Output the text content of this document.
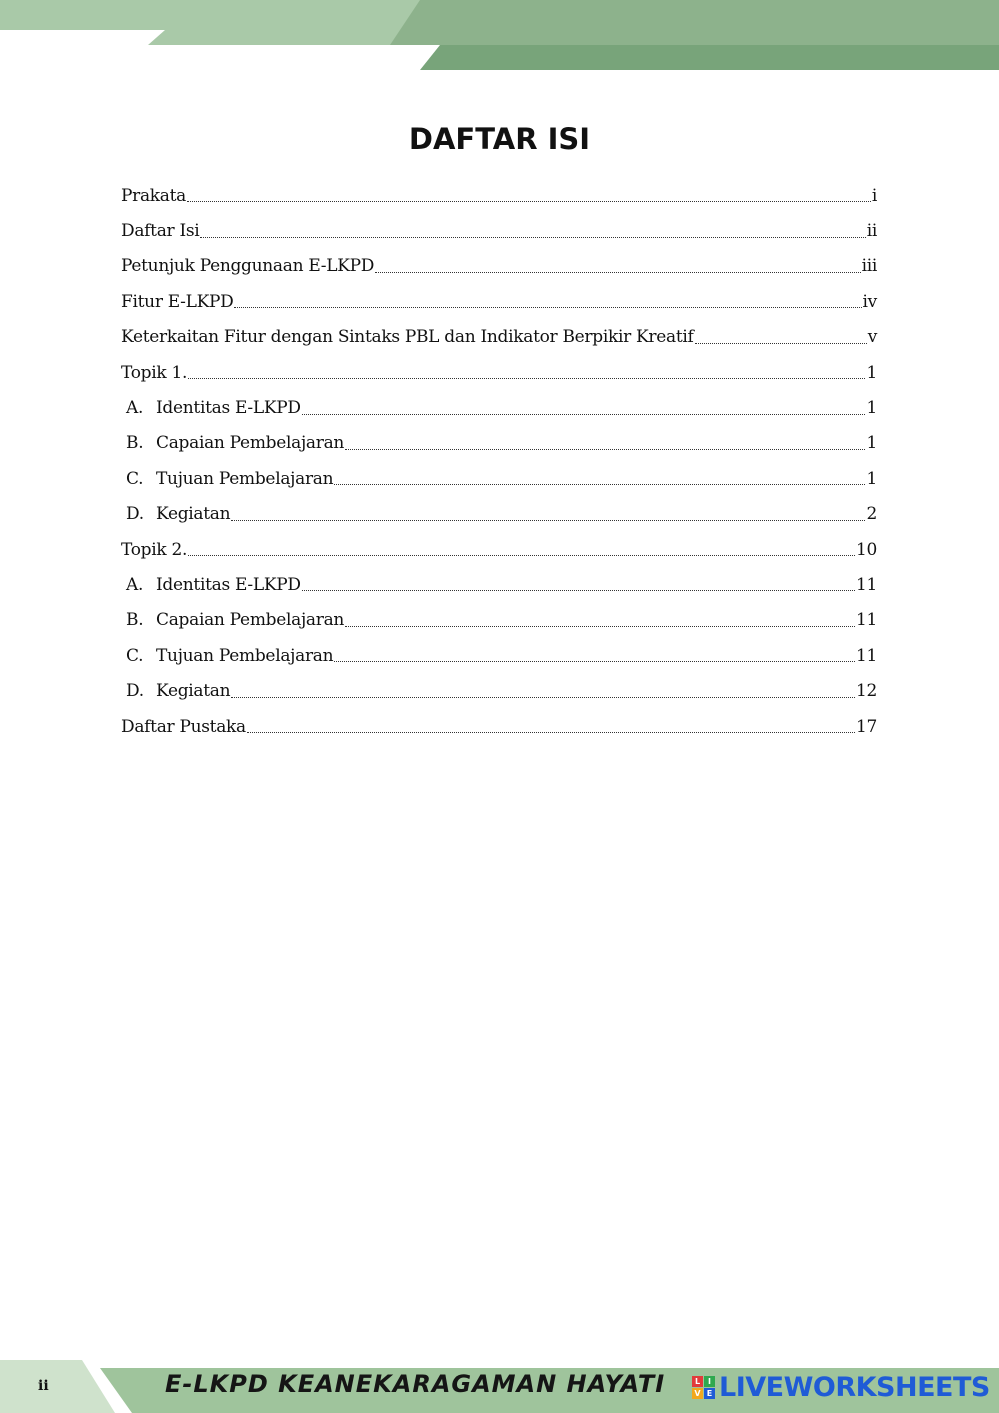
DAFTAR ISI
Prakata	i
Daftar Isi	ii
Petunjuk Penggunaan E-LKPD	iii
Fitur E-LKPD	iv
Keterkaitan Fitur dengan Sintaks PBL dan Indikator Berpikir Kreatif	v
Topik 1.	1
A. Identitas E-LKPD	1
B. Capaian Pembelajaran	1
C. Tujuan Pembelajaran	1
D. Kegiatan	2
Topik 2.	10
A. Identitas E-LKPD	11
B. Capaian Pembelajaran	11
C. Tujuan Pembelajaran	11
D. Kegiatan	12
Daftar Pustaka	17
ii	E-LKPD KEANEKARAGAMAN HAYATI	L I
V E LIVEWORKSHEETS
